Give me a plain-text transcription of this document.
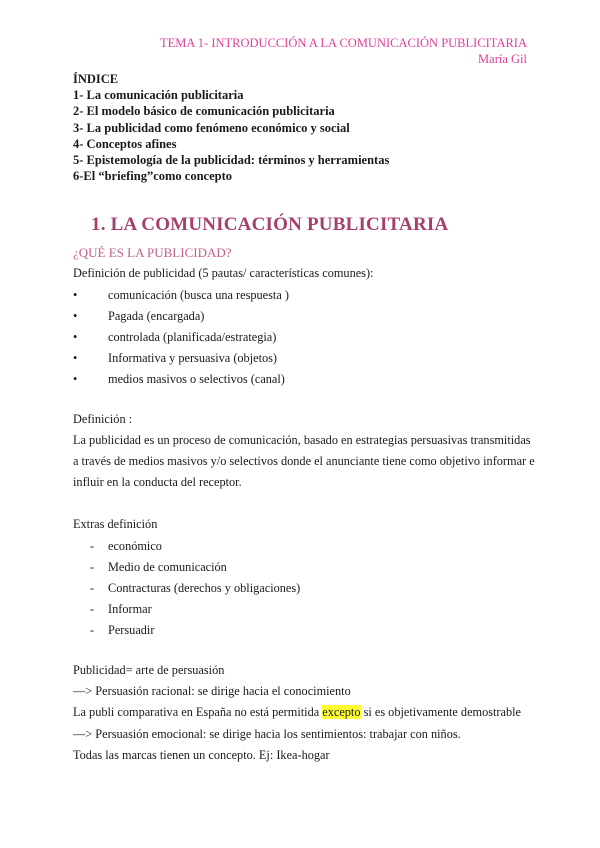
TEMA 1- INTRODUCCIÓN A LA COMUNICACIÓN PUBLICITARIA
María Gil
ÍNDICE
1- La comunicación publicitaria
2- El modelo básico de comunicación publicitaria
3- La publicidad como fenómeno económico y social
4- Conceptos afines
5- Epistemología de la publicidad: términos y herramientas
6-El “briefing”como concepto
1. LA COMUNICACIÓN PUBLICITARIA
¿QUÉ ES LA PUBLICIDAD?
Definición de publicidad (5 pautas/ características comunes):
•	comunicación (busca una respuesta )
•	Pagada (encargada)
•	controlada (planificada/estrategia)
•	Informativa y persuasiva (objetos)
•	medios masivos o selectivos (canal)
Definición :
La publicidad es un proceso de comunicación, basado en estrategias persuasivas transmitidas
a través de medios masivos y/o selectivos donde el anunciante tiene como objetivo informar e
influir en la conducta del receptor.
Extras definición
- económico
- Medio de comunicación
- Contracturas (derechos y obligaciones)
- Informar
- Persuadir
Publicidad= arte de persuasión
—> Persuasión racional: se dirige hacia el conocimiento
La publi comparativa en España no está permitida excepto si es objetivamente demostrable
—> Persuasión emocional: se dirige hacia los sentimientos: trabajar con niños.
Todas las marcas tienen un concepto. Ej: Ikea-hogar
